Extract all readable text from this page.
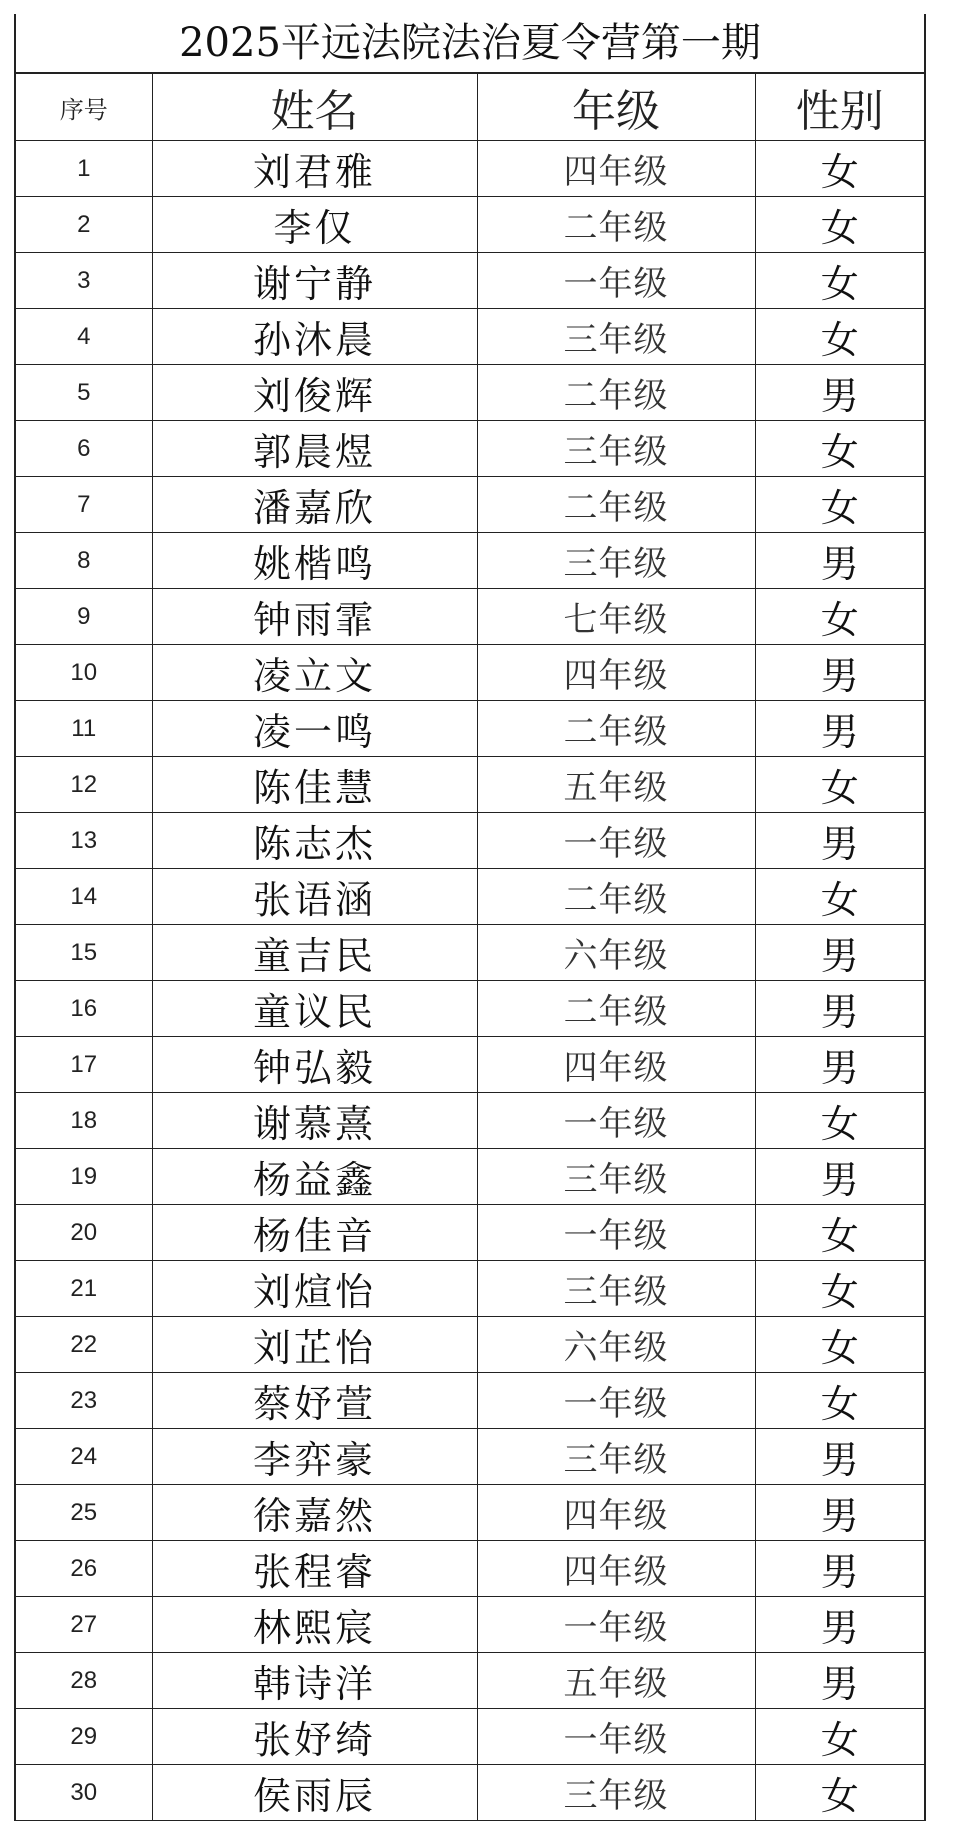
2025平远法院法治夏令营第一期
序号	姓名	年级	性别
1	刘君雅	四年级	女
2	李仅	二年级	女
3	谢宁静	一年级	女
4	孙沐晨	三年级	女
5	刘俊辉	二年级	男
6	郭晨煜	三年级	女
7	潘嘉欣	二年级	女
8	姚楷鸣	三年级	男
9	钟雨霏	七年级	女
10	凌立文	四年级	男
11	凌一鸣	二年级	男
12	陈佳慧	五年级	女
13	陈志杰	一年级	男
14	张语涵	二年级	女
15	童吉民	六年级	男
16	童议民	二年级	男
17	钟弘毅	四年级	男
18	谢慕熹	一年级	女
19	杨益鑫	三年级	男
20	杨佳音	一年级	女
21	刘煊怡	三年级	女
22	刘芷怡	六年级	女
23	蔡妤萱	一年级	女
24	李弈豪	三年级	男
25	徐嘉然	四年级	男
26	张程睿	四年级	男
27	林熙宸	一年级	男
28	韩诗洋	五年级	男
29	张妤绮	一年级	女
30	侯雨辰	三年级	女
